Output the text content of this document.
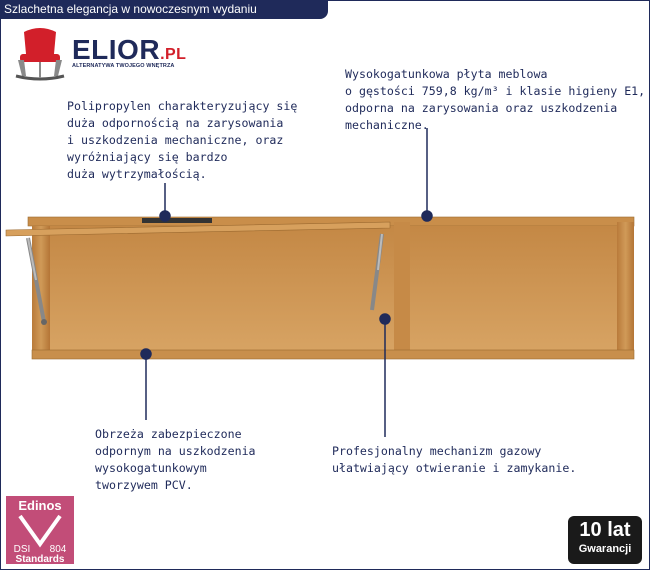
Szlachetna elegancja w nowoczesnym wydaniu
ELIOR.PL
ALTERNATYWA TWOJEGO WNĘTRZA
Polipropylen charakteryzujący się
duża odpornością na zarysowania
i uszkodzenia mechaniczne, oraz
wyróżniający się bardzo
duża wytrzymałością.
Wysokogatunkowa płyta meblowa
o gęstości 759,8 kg/m³ i klasie higieny E1,
odporna na zarysowania oraz uszkodzenia
mechaniczne.
Obrzeża zabezpieczone
odpornym na uszkodzenia
wysokogatunkowym
tworzywem PCV.
Profesjonalny mechanizm gazowy
ułatwiający otwieranie i zamykanie.
Edinos
DSI 804
Standards
10 lat
Gwarancji
